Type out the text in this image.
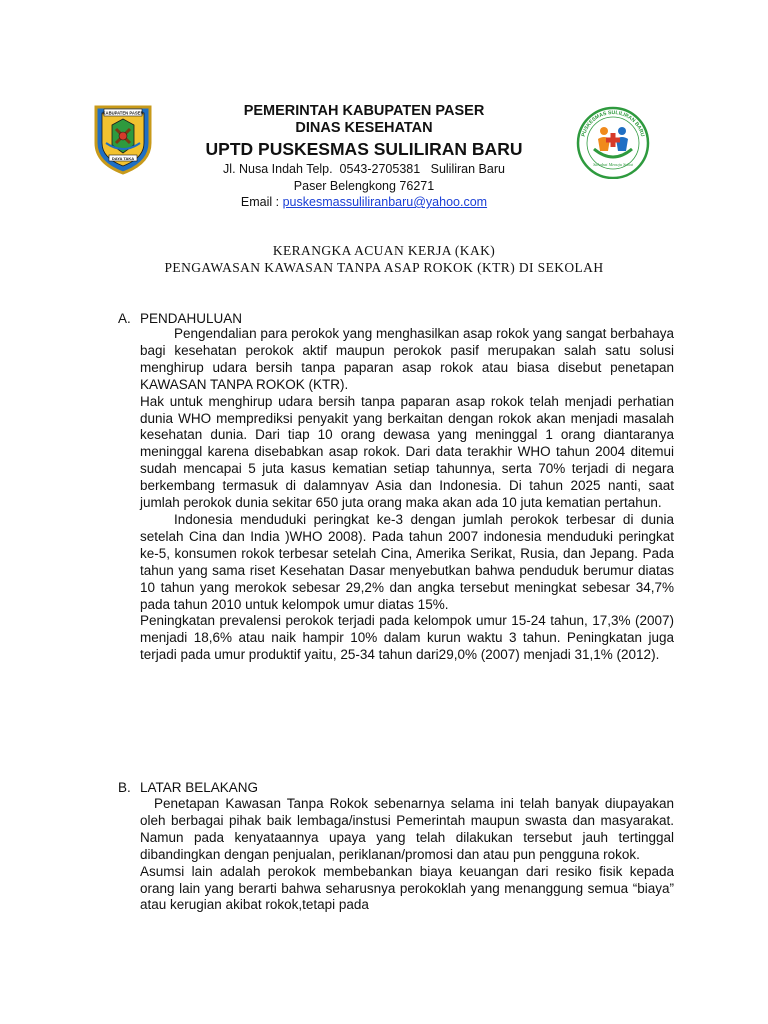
KABUPATEN PASER
DAYA TAKA
PEMERINTAH KABUPATEN PASER
DINAS KESEHATAN
UPTD PUSKESMAS SULILIRAN BARU
Jl. Nusa Indah Telp.  0543-2705381   Suliliran Baru
Paser Belengkong 76271
Email : puskesmassuliliranbaru@yahoo.com
PUSKESMAS SULILIRAN BARU
Sahabat Menuju Sehat
KERANGKA ACUAN KERJA (KAK)
PENGAWASAN KAWASAN TANPA ASAP ROKOK (KTR) DI SEKOLAH
A. PENDAHULUAN

Pengendalian para perokok yang menghasilkan asap rokok yang sangat berbahaya bagi kesehatan perokok aktif maupun perokok pasif merupakan salah satu solusi menghirup udara bersih tanpa paparan asap rokok atau biasa disebut penetapan KAWASAN TANPA ROKOK (KTR).

Hak untuk menghirup udara bersih tanpa paparan asap rokok telah menjadi perhatian dunia WHO memprediksi penyakit yang berkaitan dengan rokok akan menjadi masalah kesehatan dunia. Dari tiap 10 orang dewasa yang meninggal 1 orang diantaranya meninggal karena disebabkan asap rokok. Dari data terakhir WHO tahun 2004 ditemui sudah mencapai 5 juta kasus kematian setiap tahunnya, serta 70% terjadi di negara berkembang termasuk di dalamnyav Asia dan Indonesia. Di tahun 2025 nanti, saat jumlah perokok dunia sekitar 650 juta orang maka akan ada 10 juta kematian pertahun.

Indonesia menduduki peringkat ke-3 dengan jumlah perokok terbesar di dunia setelah Cina dan India )WHO 2008). Pada tahun 2007 indonesia menduduki peringkat ke-5, konsumen rokok terbesar setelah Cina, Amerika Serikat, Rusia, dan Jepang. Pada tahun yang sama riset Kesehatan Dasar menyebutkan bahwa penduduk berumur diatas 10 tahun yang merokok sebesar 29,2% dan angka tersebut meningkat sebesar 34,7% pada tahun 2010 untuk kelompok umur diatas 15%.

Peningkatan prevalensi perokok terjadi pada kelompok umur 15-24 tahun, 17,3% (2007) menjadi 18,6% atau naik hampir 10% dalam kurun waktu 3 tahun. Peningkatan juga terjadi pada umur produktif yaitu, 25-34 tahun dari29,0% (2007) menjadi 31,1% (2012).

B. LATAR BELAKANG

Penetapan Kawasan Tanpa Rokok sebenarnya selama ini telah banyak diupayakan oleh berbagai pihak baik lembaga/instusi Pemerintah maupun swasta dan masyarakat. Namun pada kenyataannya upaya yang telah dilakukan tersebut jauh tertinggal dibandingkan dengan penjualan, periklanan/promosi dan atau pun pengguna rokok.

Asumsi lain adalah perokok membebankan biaya keuangan dari resiko fisik kepada orang lain yang berarti bahwa seharusnya perokoklah yang menanggung semua “biaya” atau kerugian akibat rokok,tetapi pada
